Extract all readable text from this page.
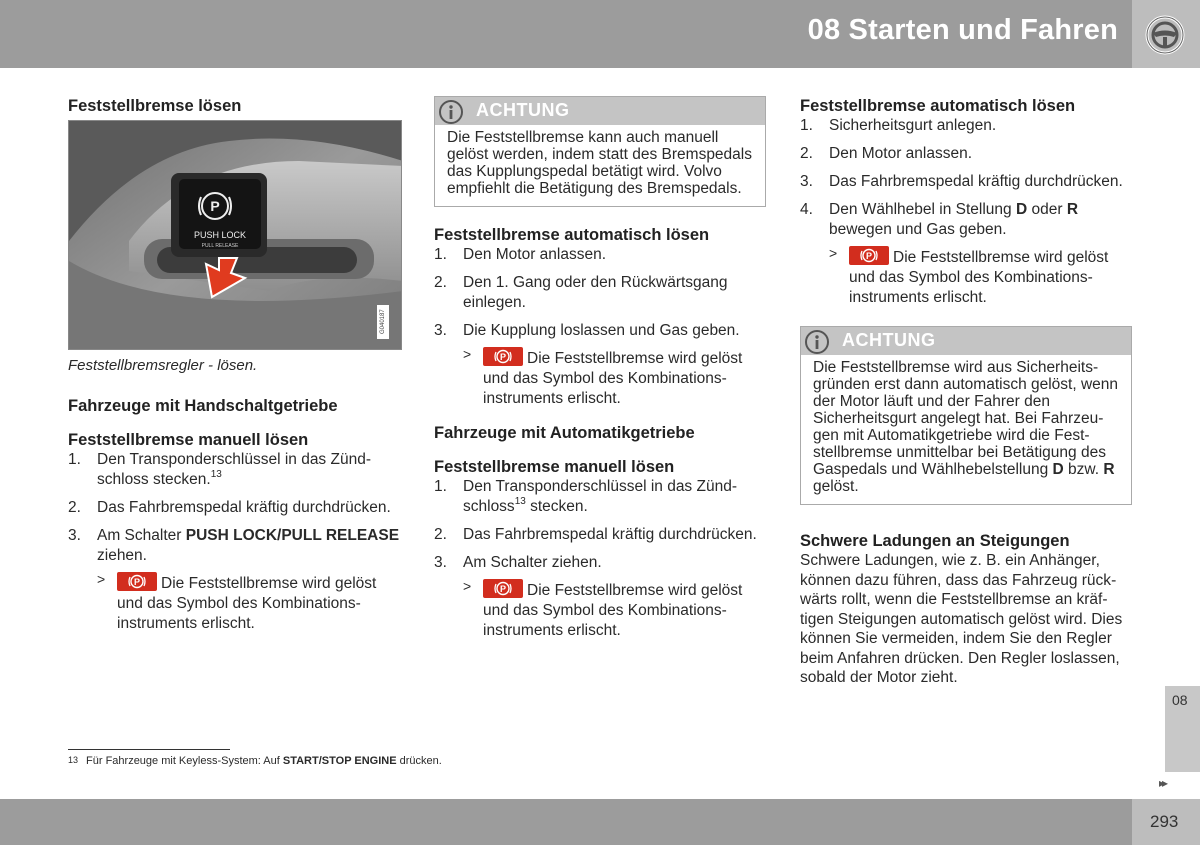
08 Starten und Fahren
Feststellbremse lösen
P
PUSH LOCK
PULL RELEASE
G040187
Feststellbremsregler - lösen.
Fahrzeuge mit Handschaltgetriebe
Feststellbremse manuell lösen
1. Den Transponderschlüssel in das Zündschloss stecken.$^{13}$
2. Das Fahrbremspedal kräftig durchdrücken.
3. Am Schalter PUSH LOCK/PULL RELEASE ziehen.
>	P Die Feststellbremse wird gelöst und das Symbol des Kombinationsinstruments erlischt.
ACHTUNG
Die Feststellbremse kann auch manuell gelöst werden, indem statt des Bremspedals das Kupplungspedal betätigt wird. Volvo empfiehlt die Betätigung des Bremspedals.
Feststellbremse automatisch lösen
1. Den Motor anlassen.
2. Den 1. Gang oder den Rückwärtsgang einlegen.
3. Die Kupplung loslassen und Gas geben.
>	P Die Feststellbremse wird gelöst und das Symbol des Kombinationsinstruments erlischt.
Fahrzeuge mit Automatikgetriebe
Feststellbremse manuell lösen
1. Den Transponderschlüssel in das Zündschloss$^{13}$ stecken.
2. Das Fahrbremspedal kräftig durchdrücken.
3. Am Schalter ziehen.
>	P Die Feststellbremse wird gelöst und das Symbol des Kombinationsinstruments erlischt.
Feststellbremse automatisch lösen
1. Sicherheitsgurt anlegen.
2. Den Motor anlassen.
3. Das Fahrbremspedal kräftig durchdrücken.
4. Den Wählhebel in Stellung D oder R bewegen und Gas geben.
>	P Die Feststellbremse wird gelöst und das Symbol des Kombinationsinstruments erlischt.
ACHTUNG
Die Feststellbremse wird aus Sicherheitsgründen erst dann automatisch gelöst, wenn der Motor läuft und der Fahrer den Sicherheitsgurt angelegt hat. Bei Fahrzeugen mit Automatikgetriebe wird die Feststellbremse unmittelbar bei Betätigung des Gaspedals und Wählhebelstellung D bzw. R gelöst.
Schwere Ladungen an Steigungen

Schwere Ladungen, wie z. B. ein Anhänger, können dazu führen, dass das Fahrzeug rückwärts rollt, wenn die Feststellbremse an kräftigen Steigungen automatisch gelöst wird. Dies können Sie vermeiden, indem Sie den Regler beim Anfahren drücken. Den Regler loslassen, sobald der Motor zieht.

08
▸▸
13 Für Fahrzeuge mit Keyless-System: Auf START/STOP ENGINE drücken.
293
